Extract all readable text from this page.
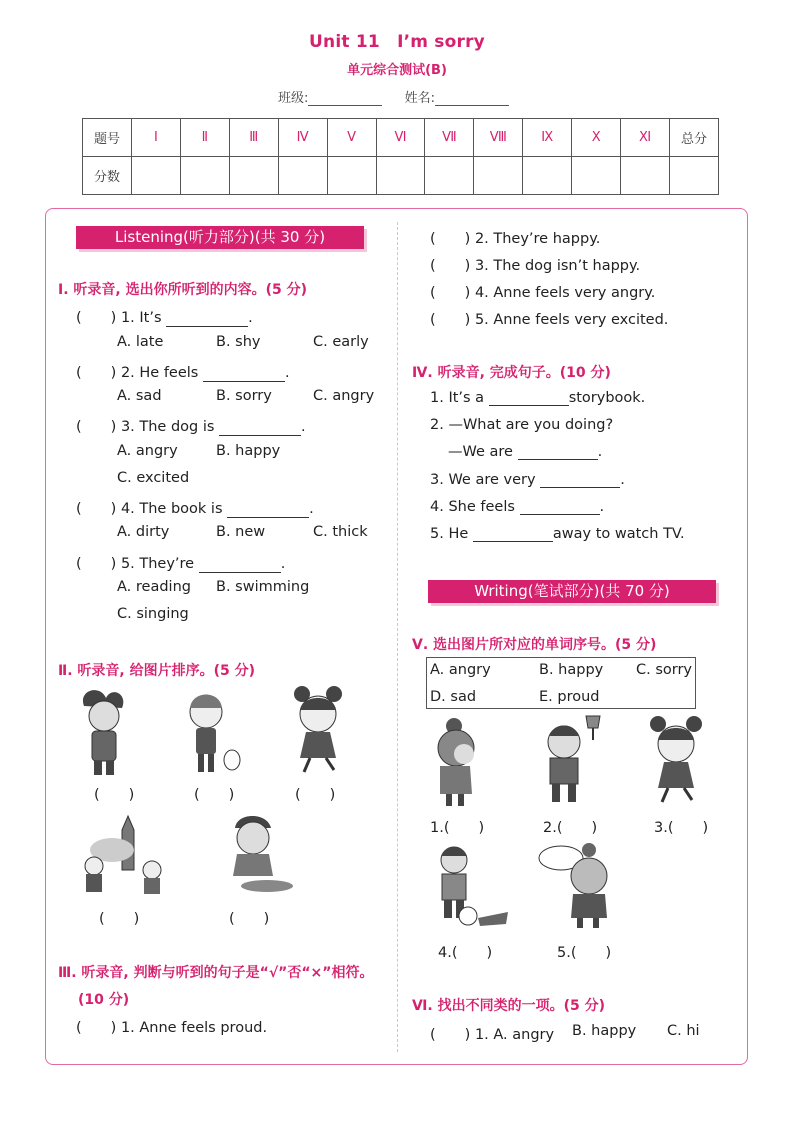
Unit 11　I’m sorry
单元综合测试(B)
班级:	姓名:
题号	Ⅰ	Ⅱ	Ⅲ	Ⅳ	Ⅴ	Ⅵ	Ⅶ	Ⅷ	Ⅸ	Ⅹ	Ⅺ	总分
分数												
Listening(听力部分)(共 30 分)
Ⅰ. 听录音, 选出你所听到的内容。(5 分)
(　　) 1. It’s	.
A. late	B. shy	C. early
(　　) 2. He feels	.
A. sad	B. sorry	C. angry
(　　) 3. The dog is	.
A. angry	B. happy
C. excited
(　　) 4. The book is	.
A. dirty	B. new	C. thick
(　　) 5. They’re	.
A. reading B. swimming
C. singing
Ⅱ. 听录音, 给图片排序。(5 分)
(　　)	(　　)	(　　)
(　　)	(　　)
Ⅲ. 听录音, 判断与听到的句子是“√”否“×”相符。
(10 分)
(　　) 1. Anne feels proud.
(　　) 2. They’re happy.
(　　) 3. The dog isn’t happy.
(　　) 4. Anne feels very angry.
(　　) 5. Anne feels very excited.
Ⅳ. 听录音, 完成句子。(10 分)
1. It’s a	storybook.
2. —What are you doing?
—We are	.
3. We are very	.
4. She feels	.
5. He	away to watch TV.
Writing(笔试部分)(共 70 分)
Ⅴ. 选出图片所对应的单词序号。(5 分)
A. angry	B. happy C. sorry
D. sad	E. proud
1.(　　)	2.(　　)	3.(　　)
4.(　　)	5.(　　)
Ⅵ. 找出不同类的一项。(5 分)
(　　) 1. A. angry B. happy C. hi
